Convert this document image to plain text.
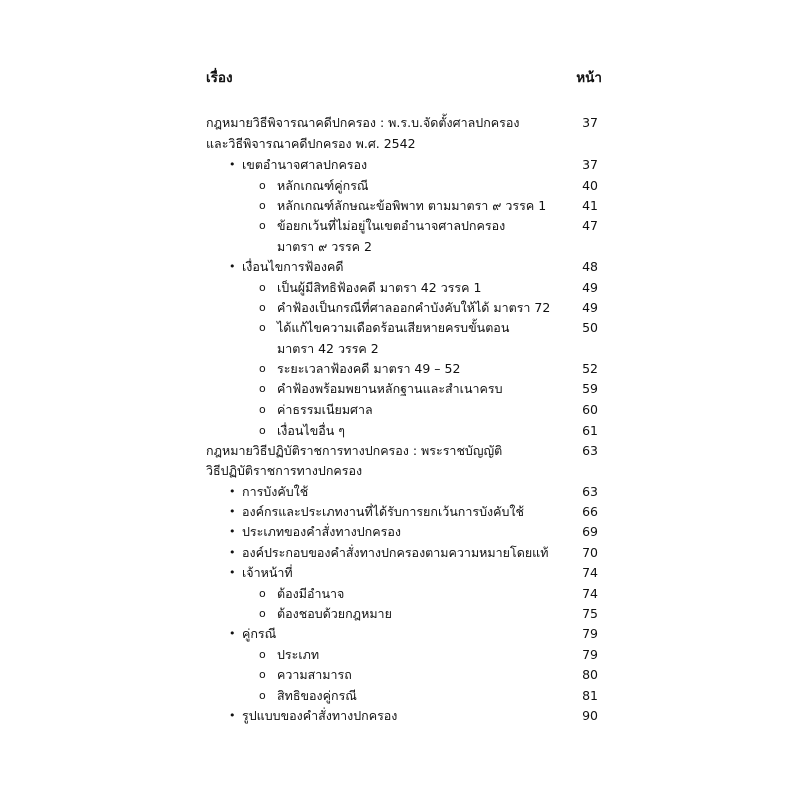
เรื่อง	หน้า
กฎหมายวิธีพิจารณาคดีปกครอง : พ.ร.บ.จัดตั้งศาลปกครอง	37
และวิธีพิจารณาคดีปกครอง พ.ศ. 2542
• เขตอำนาจศาลปกครอง	37
o หลักเกณฑ์คู่กรณี	40
o หลักเกณฑ์ลักษณะข้อพิพาท ตามมาตรา ๙ วรรค 1	41
o ข้อยกเว้นที่ไม่อยู่ในเขตอำนาจศาลปกครอง	47
มาตรา ๙ วรรค 2
• เงื่อนไขการฟ้องคดี	48
o เป็นผู้มีสิทธิฟ้องคดี มาตรา 42 วรรค 1	49
o คำฟ้องเป็นกรณีที่ศาลออกคำบังคับให้ได้ มาตรา 72	49
o ได้แก้ไขความเดือดร้อนเสียหายครบขั้นตอน	50
มาตรา 42 วรรค 2
o ระยะเวลาฟ้องคดี มาตรา 49 – 52	52
o คำฟ้องพร้อมพยานหลักฐานและสำเนาครบ	59
o ค่าธรรมเนียมศาล	60
o เงื่อนไขอื่น ๆ	61
กฎหมายวิธีปฏิบัติราชการทางปกครอง : พระราชบัญญัติ	63
วิธีปฏิบัติราชการทางปกครอง
• การบังคับใช้	63
• องค์กรและประเภทงานที่ได้รับการยกเว้นการบังคับใช้	66
• ประเภทของคำสั่งทางปกครอง	69
• องค์ประกอบของคำสั่งทางปกครองตามความหมายโดยแท้	70
• เจ้าหน้าที่	74
o ต้องมีอำนาจ	74
o ต้องชอบด้วยกฎหมาย	75
• คู่กรณี	79
o ประเภท	79
o ความสามารถ	80
o สิทธิของคู่กรณี	81
• รูปแบบของคำสั่งทางปกครอง	90
